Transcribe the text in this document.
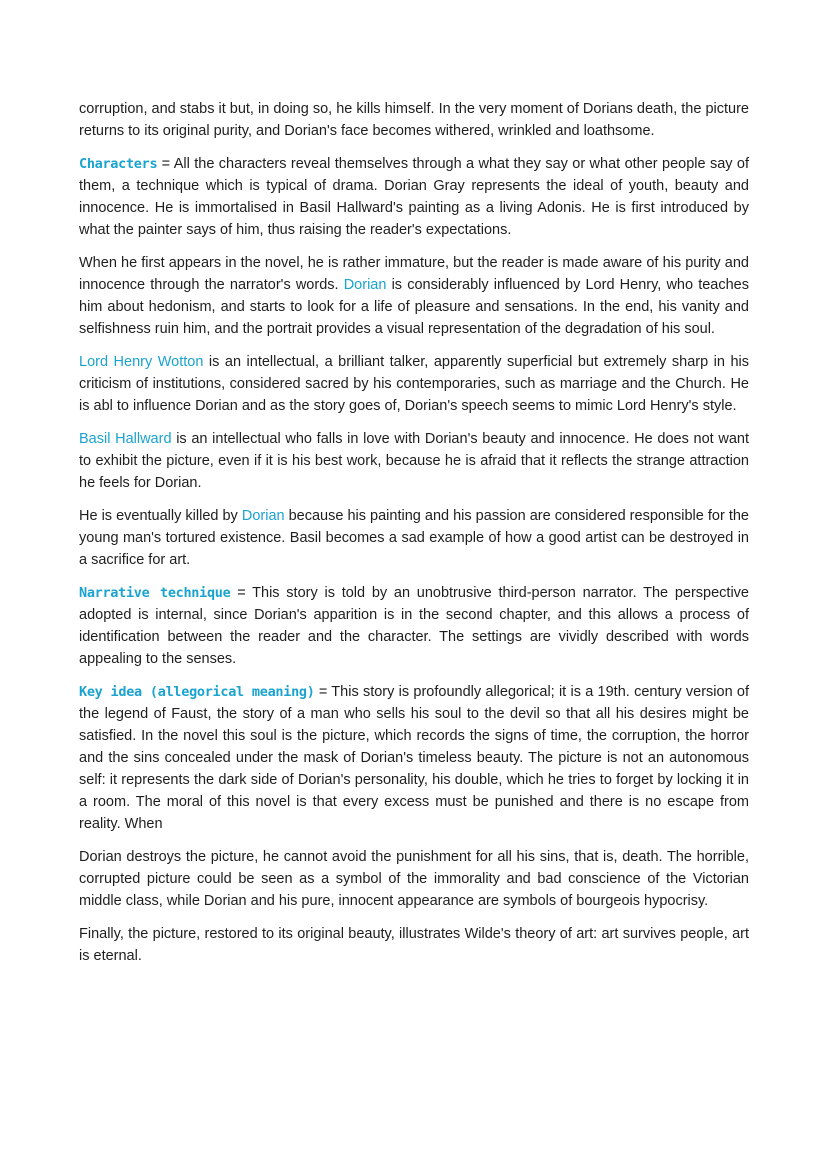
corruption, and stabs it but, in doing so, he kills himself. In the very moment of Dorians death, the picture returns to its original purity, and Dorian's face becomes withered, wrinkled and loathsome.

Characters = All the characters reveal themselves through a what they say or what other people say of them, a technique which is typical of drama. Dorian Gray represents the ideal of youth, beauty and innocence. He is immortalised in Basil Hallward's painting as a living Adonis. He is first introduced by what the painter says of him, thus raising the reader's expectations.

When he first appears in the novel, he is rather immature, but the reader is made aware of his purity and innocence through the narrator's words. Dorian is considerably influenced by Lord Henry, who teaches him about hedonism, and starts to look for a life of pleasure and sensations. In the end, his vanity and selfishness ruin him, and the portrait provides a visual representation of the degradation of his soul.

Lord Henry Wotton is an intellectual, a brilliant talker, apparently superficial but extremely sharp in his criticism of institutions, considered sacred by his contemporaries, such as marriage and the Church. He is abl to influence Dorian and as the story goes of, Dorian's speech seems to mimic Lord Henry's style.

Basil Hallward is an intellectual who falls in love with Dorian's beauty and innocence. He does not want to exhibit the picture, even if it is his best work, because he is afraid that it reflects the strange attraction he feels for Dorian.

He is eventually killed by Dorian because his painting and his passion are considered responsible for the young man's tortured existence. Basil becomes a sad example of how a good artist can be destroyed in a sacrifice for art.

Narrative technique = This story is told by an unobtrusive third-person narrator. The perspective adopted is internal, since Dorian's apparition is in the second chapter, and this allows a process of identification between the reader and the character. The settings are vividly described with words appealing to the senses.

Key idea (allegorical meaning) = This story is profoundly allegorical; it is a 19th. century version of the legend of Faust, the story of a man who sells his soul to the devil so that all his desires might be satisfied. In the novel this soul is the picture, which records the signs of time, the corruption, the horror and the sins concealed under the mask of Dorian's timeless beauty. The picture is not an autonomous self: it represents the dark side of Dorian's personality, his double, which he tries to forget by locking it in a room. The moral of this novel is that every excess must be punished and there is no escape from reality. When

Dorian destroys the picture, he cannot avoid the punishment for all his sins, that is, death. The horrible, corrupted picture could be seen as a symbol of the immorality and bad conscience of the Victorian middle class, while Dorian and his pure, innocent appearance are symbols of bourgeois hypocrisy.

Finally, the picture, restored to its original beauty, illustrates Wilde's theory of art: art survives people, art is eternal.
